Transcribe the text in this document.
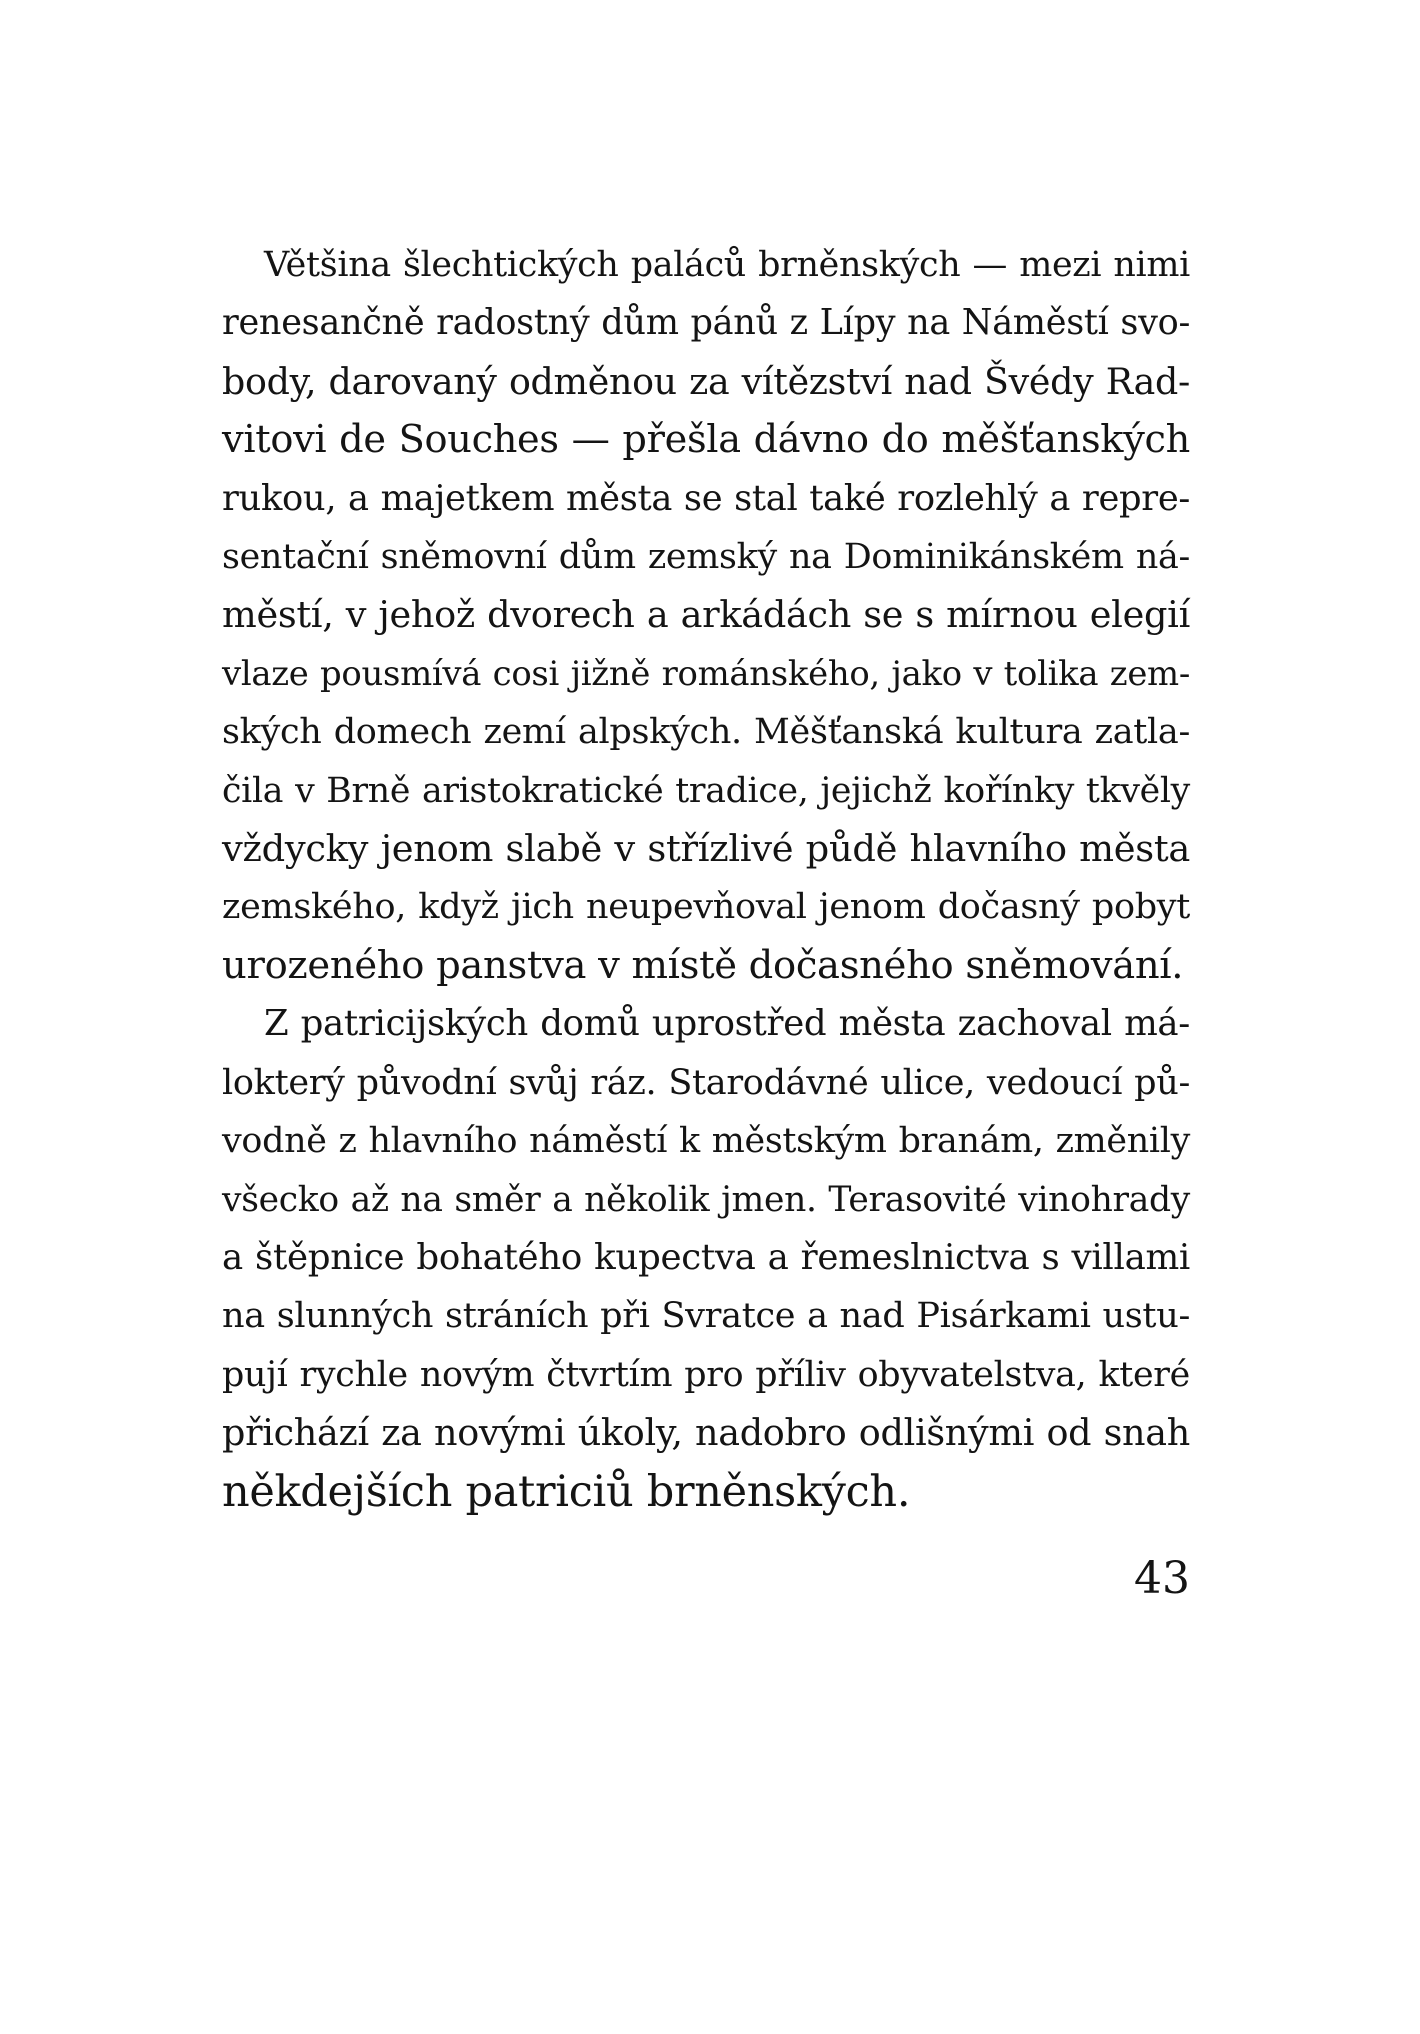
Většina šlechtických paláců brněnských — mezi nimi
renesančně radostný dům pánů z Lípy na Náměstí svo-
body, darovaný odměnou za vítězství nad Švédy Rad-
vitovi de Souches — přešla dávno do měšťanských
rukou, a majetkem města se stal také rozlehlý a repre-
sentační sněmovní dům zemský na Dominikánském ná-
městí, v jehož dvorech a arkádách se s mírnou elegií
vlaze pousmívá cosi jižně románského, jako v tolika zem-
ských domech zemí alpských. Měšťanská kultura zatla-
čila v Brně aristokratické tradice, jejichž kořínky tkvěly
vždycky jenom slabě v střízlivé půdě hlavního města
zemského, když jich neupevňoval jenom dočasný pobyt
urozeného panstva v místě dočasného sněmování.

Z patricijských domů uprostřed města zachoval má-
lokterý původní svůj ráz. Starodávné ulice, vedoucí pů-
vodně z hlavního náměstí k městským branám, změnily
všecko až na směr a několik jmen. Terasovité vinohrady
a štěpnice bohatého kupectva a řemeslnictva s villami
na slunných stráních při Svratce a nad Pisárkami ustu-
pují rychle novým čtvrtím pro příliv obyvatelstva, které
přichází za novými úkoly, nadobro odlišnými od snah
někdejších patriciů brněnských.

43
